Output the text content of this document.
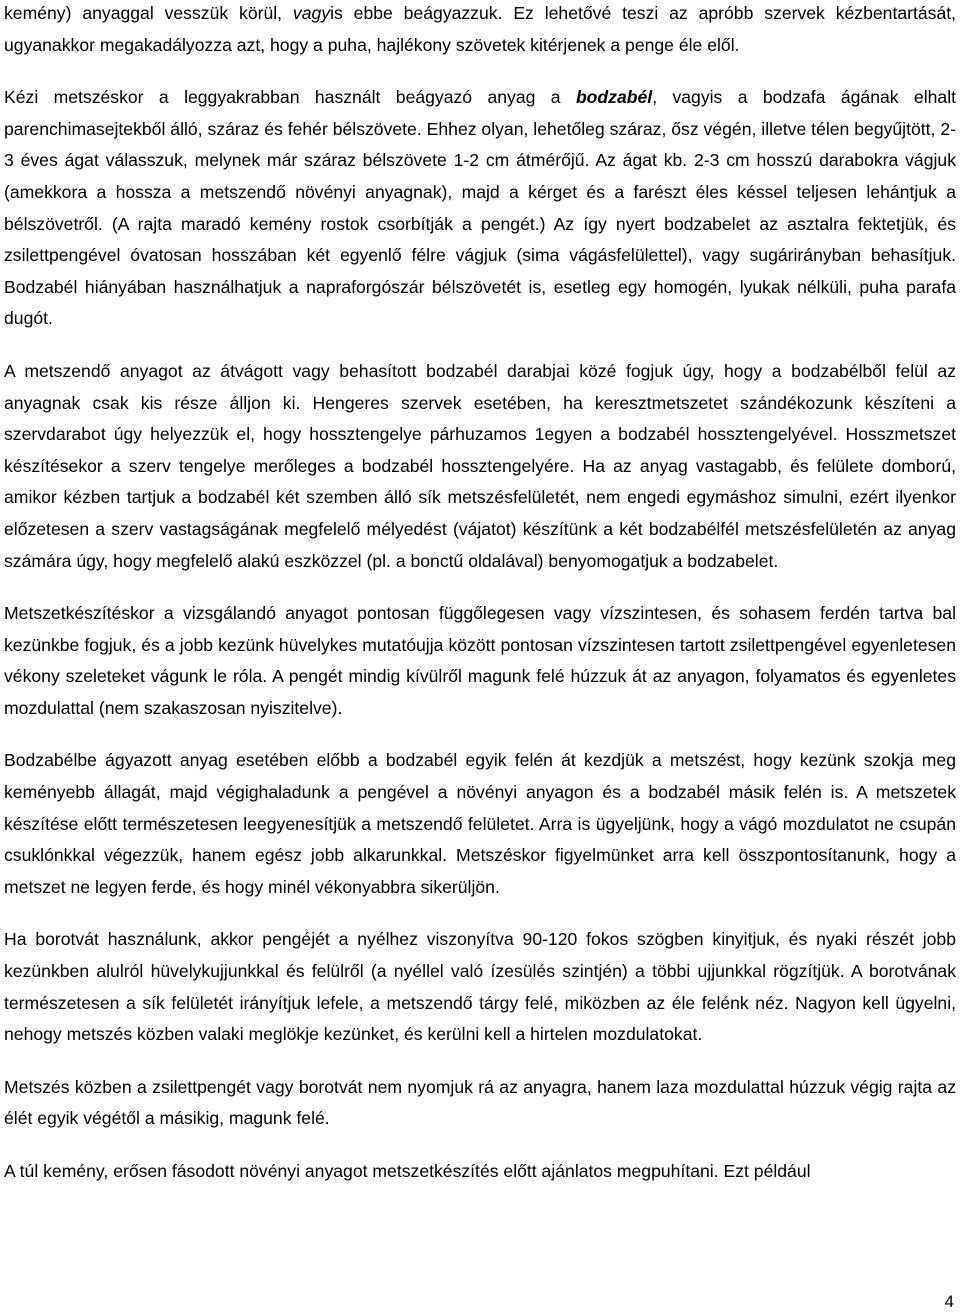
kemény) anyaggal vesszük körül, vagyis ebbe beágyazzuk. Ez lehetővé teszi az apróbb szervek kézbentartását, ugyanakkor megakadályozza azt, hogy a puha, hajlékony szövetek kitérjenek a penge éle elől.

Kézi metszéskor a leggyakrabban használt beágyazó anyag a bodzabél, vagyis a bodzafa ágának elhalt parenchimasejtekből álló, száraz és fehér bélszövete. Ehhez olyan, lehetőleg száraz, ősz végén, illetve télen begyűjtött, 2-3 éves ágat válasszuk, melynek már száraz bélszövete 1-2 cm átmérőjű. Az ágat kb. 2-3 cm hosszú darabokra vágjuk (amekkora a hossza a metszendő növényi anyagnak), majd a kérget és a farészt éles késsel teljesen lehántjuk a bélszövetről. (A rajta maradó kemény rostok csorbítják a pengét.) Az így nyert bodzabelet az asztalra fektetjük, és zsilettpengével óvatosan hosszában két egyenlő félre vágjuk (sima vágásfelülettel), vagy sugárirányban behasítjuk. Bodzabél hiányában használhatjuk a napraforgószár bélszövetét is, esetleg egy homogén, lyukak nélküli, puha parafa dugót.

A metszendő anyagot az átvágott vagy behasított bodzabél darabjai közé fogjuk úgy, hogy a bodzabélből felül az anyagnak csak kis része álljon ki. Hengeres szervek esetében, ha keresztmetszetet szándékozunk készíteni a szervdarabot úgy helyezzük el, hogy hossztengelye párhuzamos 1egyen a bodzabél hossztengelyével. Hosszmetszet készítésekor a szerv tengelye merőleges a bodzabél hossztengelyére. Ha az anyag vastagabb, és felülete domború, amikor kézben tartjuk a bodzabél két szemben álló sík metszésfelületét, nem engedi egymáshoz simulni, ezért ilyenkor előzetesen a szerv vastagságának megfelelő mélyedést (vájatot) készítünk a két bodzabélfél metszésfelületén az anyag számára úgy, hogy megfelelő alakú eszközzel (pl. a bonctű oldalával) benyomogatjuk a bodzabelet.

Metszetkészítéskor a vizsgálandó anyagot pontosan függőlegesen vagy vízszintesen, és sohasem ferdén tartva bal kezünkbe fogjuk, és a jobb kezünk hüvelykes mutatóujja között pontosan vízszintesen tartott zsilettpengével egyenletesen vékony szeleteket vágunk le róla. A pengét mindig kívülről magunk felé húzzuk át az anyagon, folyamatos és egyenletes mozdulattal (nem szakaszosan nyiszitelve).

Bodzabélbe ágyazott anyag esetében előbb a bodzabél egyik felén át kezdjük a metszést, hogy kezünk szokja meg keményebb állagát, majd végighaladunk a pengével a növényi anyagon és a bodzabél másik felén is. A metszetek készítése előtt természetesen leegyenesítjük a metszendő felületet. Arra is ügyeljünk, hogy a vágó mozdulatot ne csupán csuklónkkal végezzük, hanem egész jobb alkarunkkal. Metszéskor figyelmünket arra kell összpontosítanunk, hogy a metszet ne legyen ferde, és hogy minél vékonyabbra sikerüljön.

Ha borotvát használunk, akkor pengéjét a nyélhez viszonyítva 90-120 fokos szögben kinyitjuk, és nyaki részét jobb kezünkben alulról hüvelykujjunkkal és felülről (a nyéllel való ízesülés szintjén) a többi ujjunkkal rögzítjük. A borotvának természetesen a sík felületét irányítjuk lefele, a metszendő tárgy felé, miközben az éle felénk néz. Nagyon kell ügyelni, nehogy metszés közben valaki meglökje kezünket, és kerülni kell a hirtelen mozdulatokat.

Metszés közben a zsilettpengét vagy borotvát nem nyomjuk rá az anyagra, hanem laza mozdulattal húzzuk végig rajta az élét egyik végétől a másikig, magunk felé.

A túl kemény, erősen fásodott növényi anyagot metszetkészítés előtt ajánlatos megpuhítani. Ezt például

4
